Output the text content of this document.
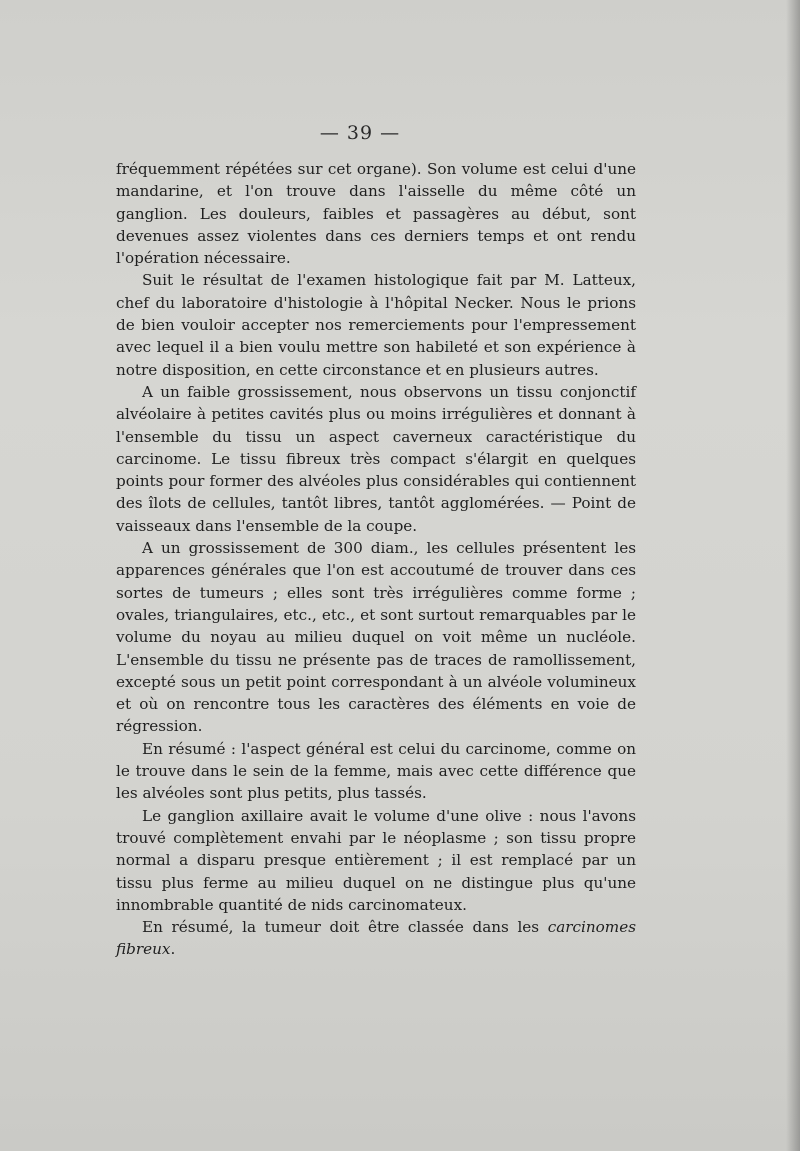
— 39 —

fréquemment répétées sur cet organe). Son volume est celui d'une mandarine, et l'on trouve dans l'aisselle du même côté un ganglion. Les douleurs, faibles et passagères au début, sont devenues assez violentes dans ces derniers temps et ont rendu l'opération nécessaire.

Suit le résultat de l'examen histologique fait par M. Latteux, chef du laboratoire d'histologie à l'hôpital Necker. Nous le prions de bien vouloir accepter nos remerciements pour l'empressement avec lequel il a bien voulu mettre son habileté et son expérience à notre disposition, en cette circonstance et en plusieurs autres.

A un faible grossissement, nous observons un tissu conjonctif alvéolaire à petites cavités plus ou moins irrégulières et donnant à l'ensemble du tissu un aspect caverneux caractéristique du carcinome. Le tissu fibreux très compact s'élargit en quelques points pour former des alvéoles plus considérables qui contiennent des îlots de cellules, tantôt libres, tantôt agglomérées. — Point de vaisseaux dans l'ensemble de la coupe.

A un grossissement de 300 diam., les cellules présentent les apparences générales que l'on est accoutumé de trouver dans ces sortes de tumeurs ; elles sont très irrégulières comme forme ; ovales, triangulaires, etc., etc., et sont surtout remarquables par le volume du noyau au milieu duquel on voit même un nucléole. L'ensemble du tissu ne présente pas de traces de ramollissement, excepté sous un petit point correspondant à un alvéole volumineux et où on rencontre tous les caractères des éléments en voie de régression.

En résumé : l'aspect général est celui du carcinome, comme on le trouve dans le sein de la femme, mais avec cette différence que les alvéoles sont plus petits, plus tassés.

Le ganglion axillaire avait le volume d'une olive : nous l'avons trouvé complètement envahi par le néoplasme ; son tissu propre normal a disparu presque entièrement ; il est remplacé par un tissu plus ferme au milieu duquel on ne distingue plus qu'une innombrable quantité de nids carcinomateux.

En résumé, la tumeur doit être classée dans les carcinomes fibreux.
